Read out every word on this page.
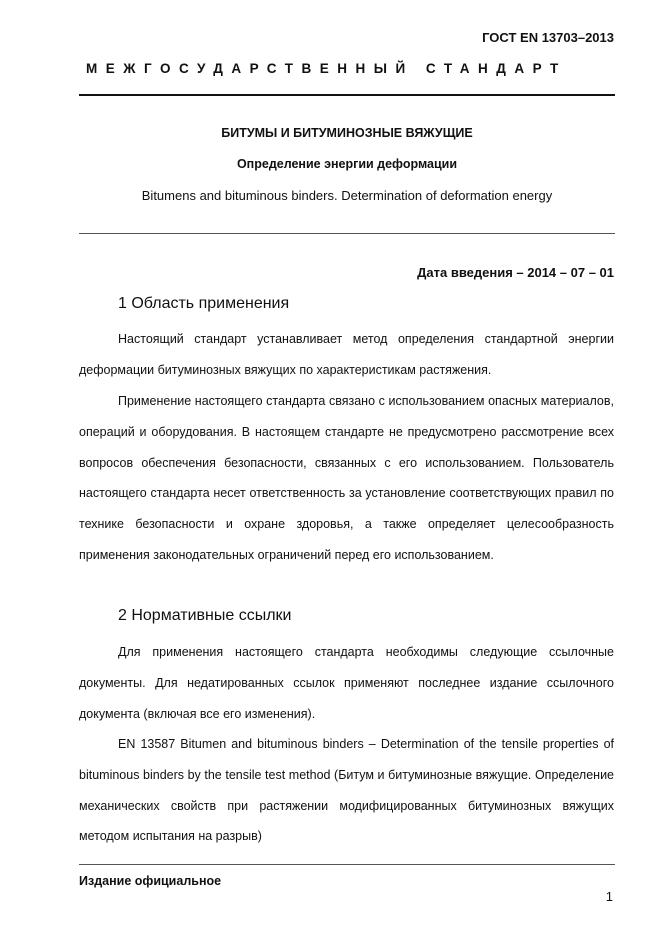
ГОСТ EN 13703–2013
МЕЖГОСУДАРСТВЕННЫЙ СТАНДАРТ
БИТУМЫ И БИТУМИНОЗНЫЕ ВЯЖУЩИЕ
Определение энергии деформации
Bitumens and bituminous binders. Determination of deformation energy
Дата введения – 2014 – 07 – 01
1 Область применения

Настоящий стандарт устанавливает метод определения стандартной энергии деформации битуминозных вяжущих по характеристикам растяжения.

Применение настоящего стандарта связано с использованием опасных материалов, операций и оборудования. В настоящем стандарте не предусмотрено рассмотрение всех вопросов обеспечения безопасности, связанных с его использованием. Пользователь настоящего стандарта несет ответственность за установление соответствующих правил по технике безопасности и охране здоровья, а также определяет целесообразность применения законодательных ограничений перед его использованием.

2 Нормативные ссылки

Для применения настоящего стандарта необходимы следующие ссылочные документы. Для недатированных ссылок применяют последнее издание ссылочного документа (включая все его изменения).

EN 13587 Bitumen and bituminous binders – Determination of the tensile properties of bituminous binders by the tensile test method (Битум и битуминозные вяжущие. Определение механических свойств при растяжении модифицированных битуминозных вяжущих методом испытания на разрыв)

Издание официальное
1
